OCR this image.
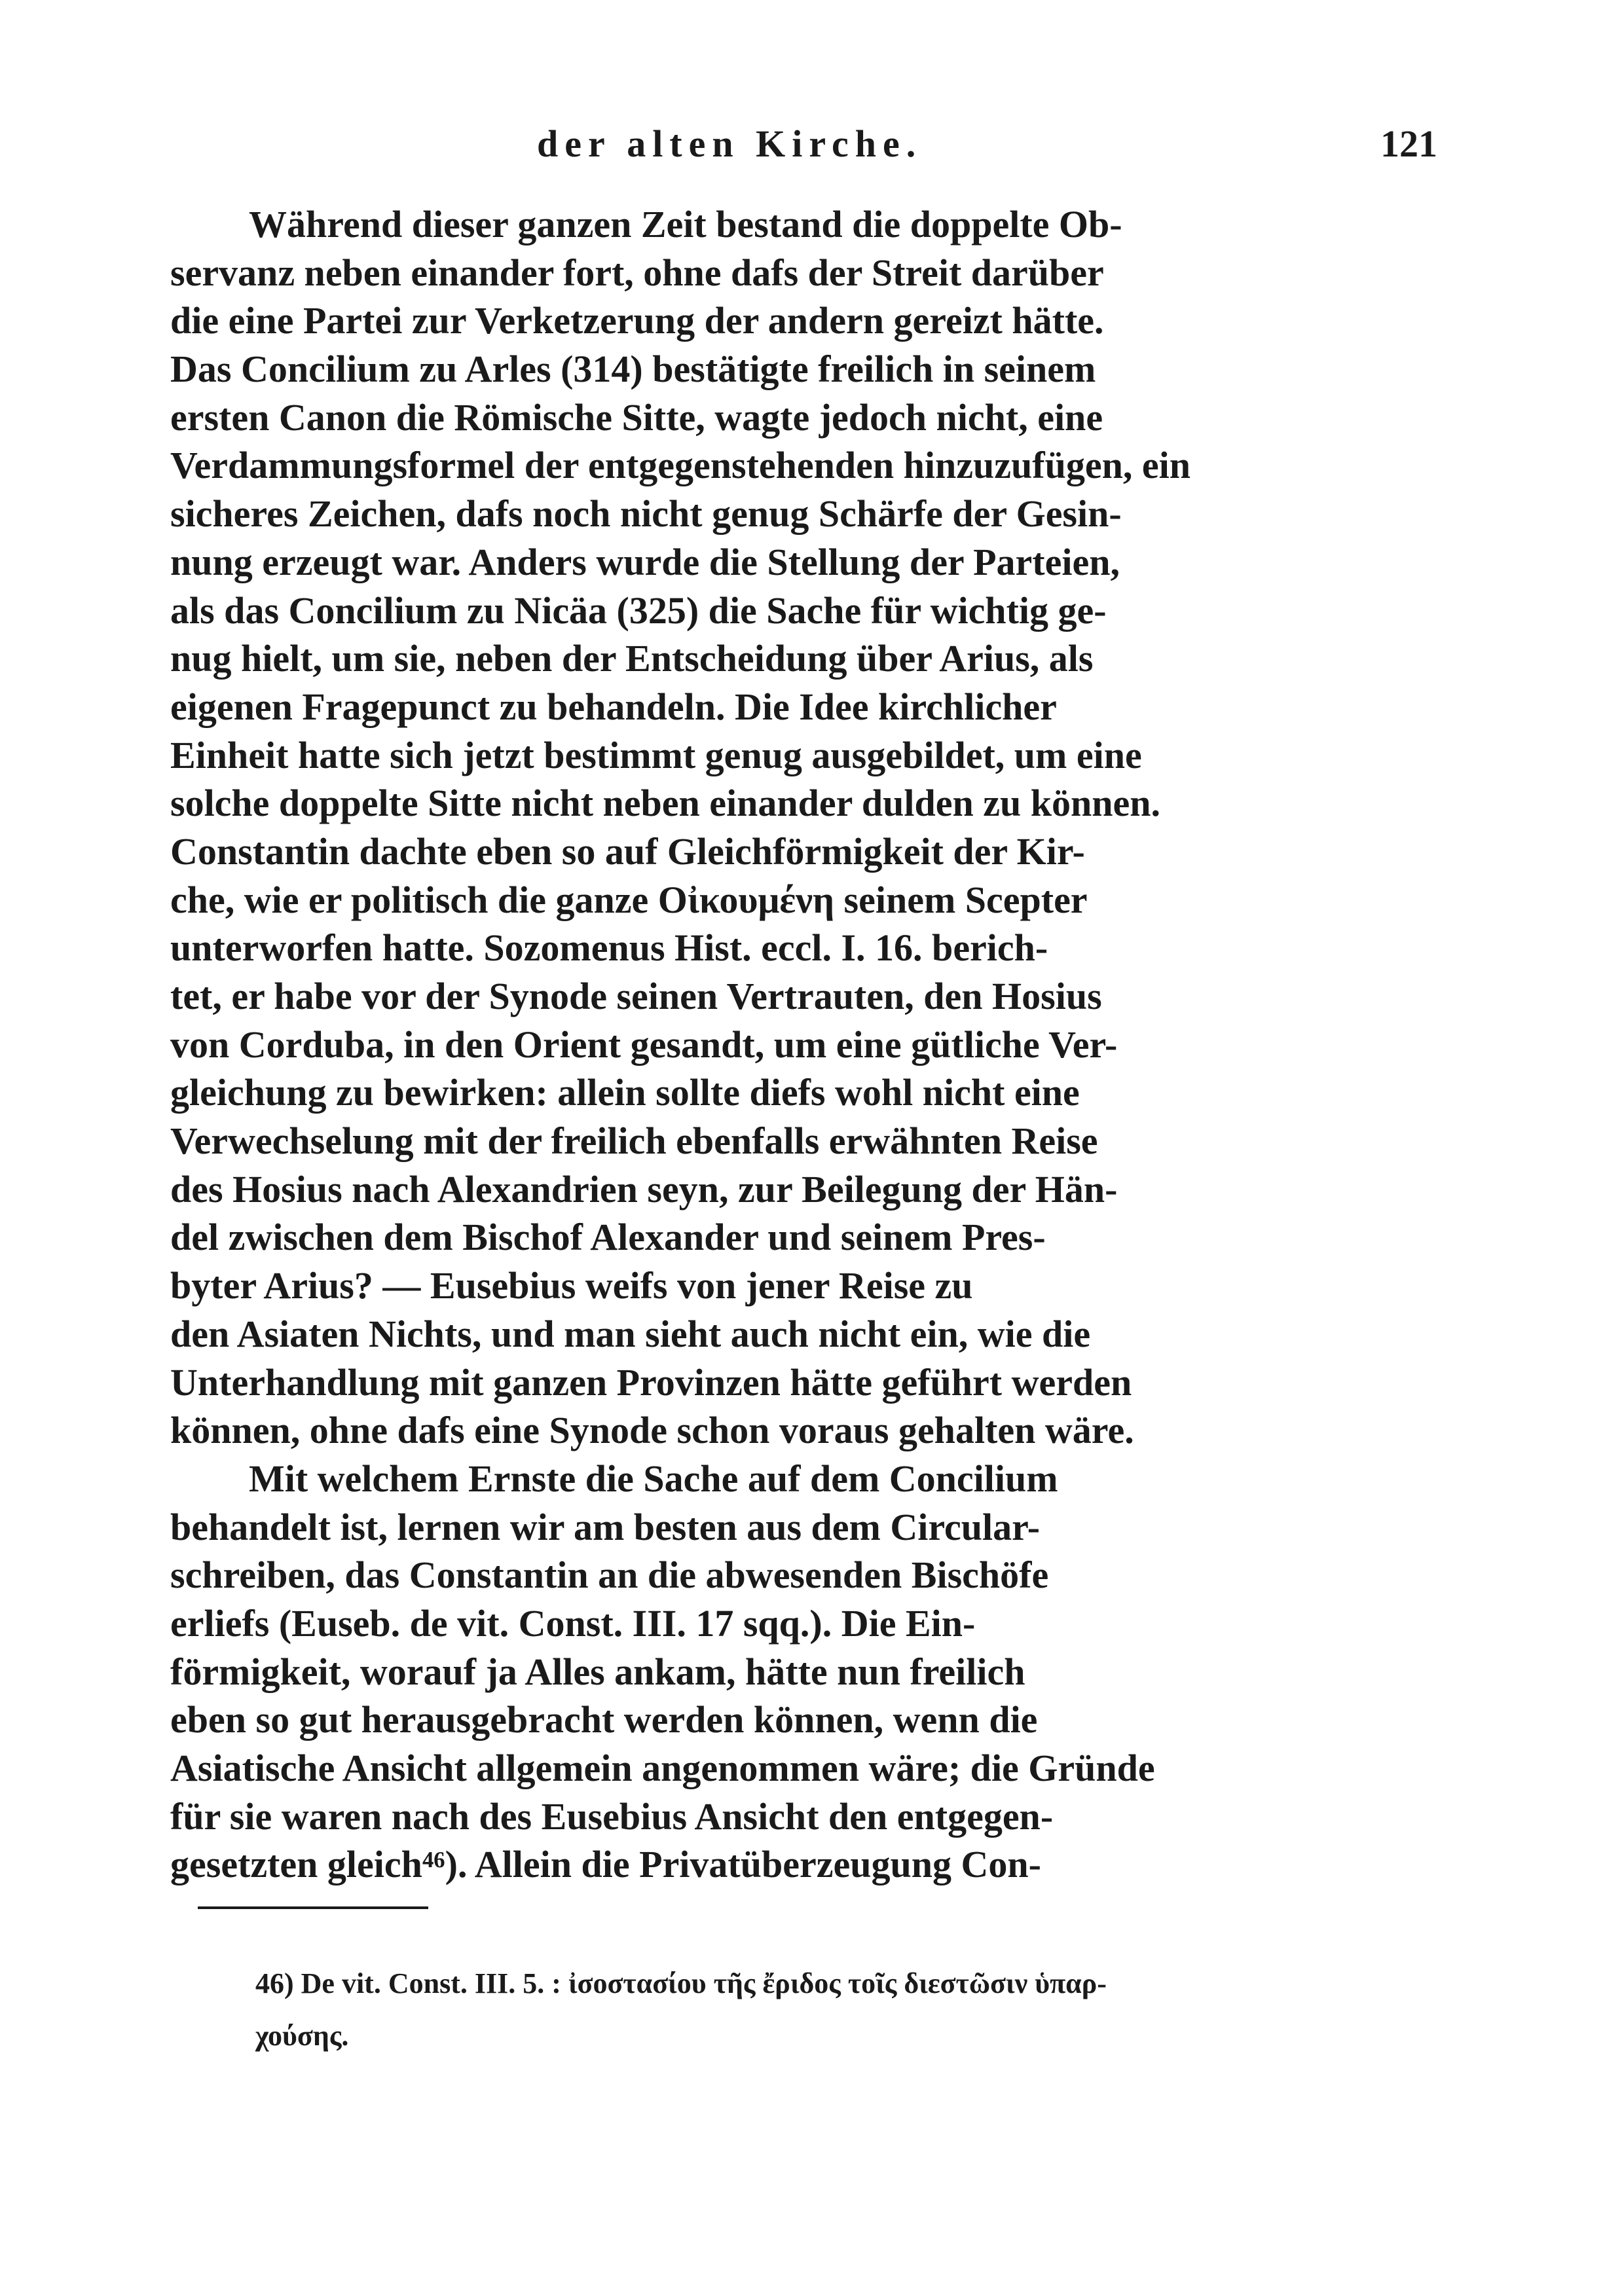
der alten Kirche.	121
Während dieser ganzen Zeit bestand die doppelte Ob-
servanz neben einander fort, ohne dafs der Streit darüber
die eine Partei zur Verketzerung der andern gereizt hätte.
Das Concilium zu Arles (314) bestätigte freilich in seinem
ersten Canon die Römische Sitte, wagte jedoch nicht, eine
Verdammungsformel der entgegenstehenden hinzuzufügen, ein
sicheres Zeichen, dafs noch nicht genug Schärfe der Gesin-
nung erzeugt war. Anders wurde die Stellung der Parteien,
als das Concilium zu Nicäa (325) die Sache für wichtig ge-
nug hielt, um sie, neben der Entscheidung über Arius, als
eigenen Fragepunct zu behandeln. Die Idee kirchlicher
Einheit hatte sich jetzt bestimmt genug ausgebildet, um eine
solche doppelte Sitte nicht neben einander dulden zu können.
Constantin dachte eben so auf Gleichförmigkeit der Kir-
che, wie er politisch die ganze Οἰκουμένη seinem Scepter
unterworfen hatte. Sozomenus Hist. eccl. I. 16. berich-
tet, er habe vor der Synode seinen Vertrauten, den Hosius
von Corduba, in den Orient gesandt, um eine gütliche Ver-
gleichung zu bewirken: allein sollte diefs wohl nicht eine
Verwechselung mit der freilich ebenfalls erwähnten Reise
des Hosius nach Alexandrien seyn, zur Beilegung der Hän-
del zwischen dem Bischof Alexander und seinem Pres-
byter Arius? — Eusebius weifs von jener Reise zu
den Asiaten Nichts, und man sieht auch nicht ein, wie die
Unterhandlung mit ganzen Provinzen hätte geführt werden
können, ohne dafs eine Synode schon voraus gehalten wäre.
Mit welchem Ernste die Sache auf dem Concilium
behandelt ist, lernen wir am besten aus dem Circular-
schreiben, das Constantin an die abwesenden Bischöfe
erliefs (Euseb. de vit. Const. III. 17 sqq.). Die Ein-
förmigkeit, worauf ja Alles ankam, hätte nun freilich
eben so gut herausgebracht werden können, wenn die
Asiatische Ansicht allgemein angenommen wäre; die Gründe
für sie waren nach des Eusebius Ansicht den entgegen-
gesetzten gleich⁴⁶). Allein die Privatüberzeugung Con-
46) De vit. Const. III. 5. : ἰσοστασίου τῆς ἔριδος τοῖς διεστῶσιν ὑπαρ-
χούσης.
